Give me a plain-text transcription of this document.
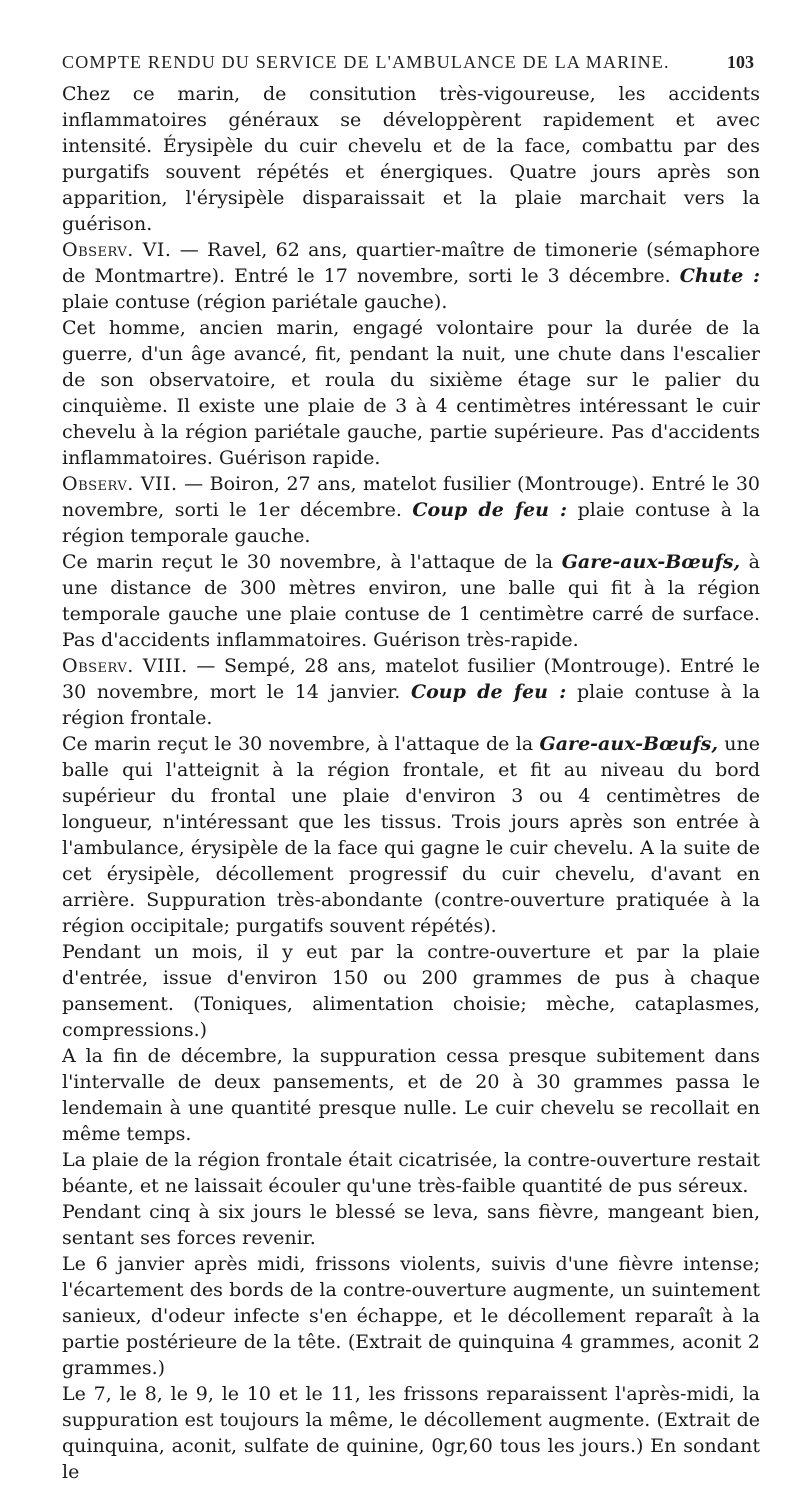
COMPTE RENDU DU SERVICE DE L'AMBULANCE DE LA MARINE.	103

Chez ce marin, de consitution très-vigoureuse, les accidents inflammatoires généraux se développèrent rapidement et avec intensité. Érysipèle du cuir chevelu et de la face, combattu par des purgatifs souvent répétés et énergiques. Quatre jours après son apparition, l'érysipèle disparaissait et la plaie marchait vers la guérison.

Observ. VI. — Ravel, 62 ans, quartier-maître de timonerie (sémaphore de Montmartre). Entré le 17 novembre, sorti le 3 décembre. Chute : plaie contuse (région pariétale gauche).

Cet homme, ancien marin, engagé volontaire pour la durée de la guerre, d'un âge avancé, fit, pendant la nuit, une chute dans l'escalier de son observatoire, et roula du sixième étage sur le palier du cinquième. Il existe une plaie de 3 à 4 centimètres intéressant le cuir chevelu à la région pariétale gauche, partie supérieure. Pas d'accidents inflammatoires. Guérison rapide.

Observ. VII. — Boiron, 27 ans, matelot fusilier (Montrouge). Entré le 30 novembre, sorti le 1er décembre. Coup de feu : plaie contuse à la région temporale gauche.

Ce marin reçut le 30 novembre, à l'attaque de la Gare-aux-Bœufs, à une distance de 300 mètres environ, une balle qui fit à la région temporale gauche une plaie contuse de 1 centimètre carré de surface. Pas d'accidents inflammatoires. Guérison très-rapide.

Observ. VIII. — Sempé, 28 ans, matelot fusilier (Montrouge). Entré le 30 novembre, mort le 14 janvier. Coup de feu : plaie contuse à la région frontale.

Ce marin reçut le 30 novembre, à l'attaque de la Gare-aux-Bœufs, une balle qui l'atteignit à la région frontale, et fit au niveau du bord supérieur du frontal une plaie d'environ 3 ou 4 centimètres de longueur, n'intéressant que les tissus. Trois jours après son entrée à l'ambulance, érysipèle de la face qui gagne le cuir chevelu. A la suite de cet érysipèle, décollement progressif du cuir chevelu, d'avant en arrière. Suppuration très-abondante (contre-ouverture pratiquée à la région occipitale; purgatifs souvent répétés).

Pendant un mois, il y eut par la contre-ouverture et par la plaie d'entrée, issue d'environ 150 ou 200 grammes de pus à chaque pansement. (Toniques, alimentation choisie; mèche, cataplasmes, compressions.)

A la fin de décembre, la suppuration cessa presque subitement dans l'intervalle de deux pansements, et de 20 à 30 grammes passa le lendemain à une quantité presque nulle. Le cuir chevelu se recollait en même temps.

La plaie de la région frontale était cicatrisée, la contre-ouverture restait béante, et ne laissait écouler qu'une très-faible quantité de pus séreux.

Pendant cinq à six jours le blessé se leva, sans fièvre, mangeant bien, sentant ses forces revenir.

Le 6 janvier après midi, frissons violents, suivis d'une fièvre intense; l'écartement des bords de la contre-ouverture augmente, un suintement sanieux, d'odeur infecte s'en échappe, et le décollement reparaît à la partie postérieure de la tête. (Extrait de quinquina 4 grammes, aconit 2 grammes.)

Le 7, le 8, le 9, le 10 et le 11, les frissons reparaissent l'après-midi, la suppuration est toujours la même, le décollement augmente. (Extrait de quinquina, aconit, sulfate de quinine, 0gr,60 tous les jours.) En sondant le
